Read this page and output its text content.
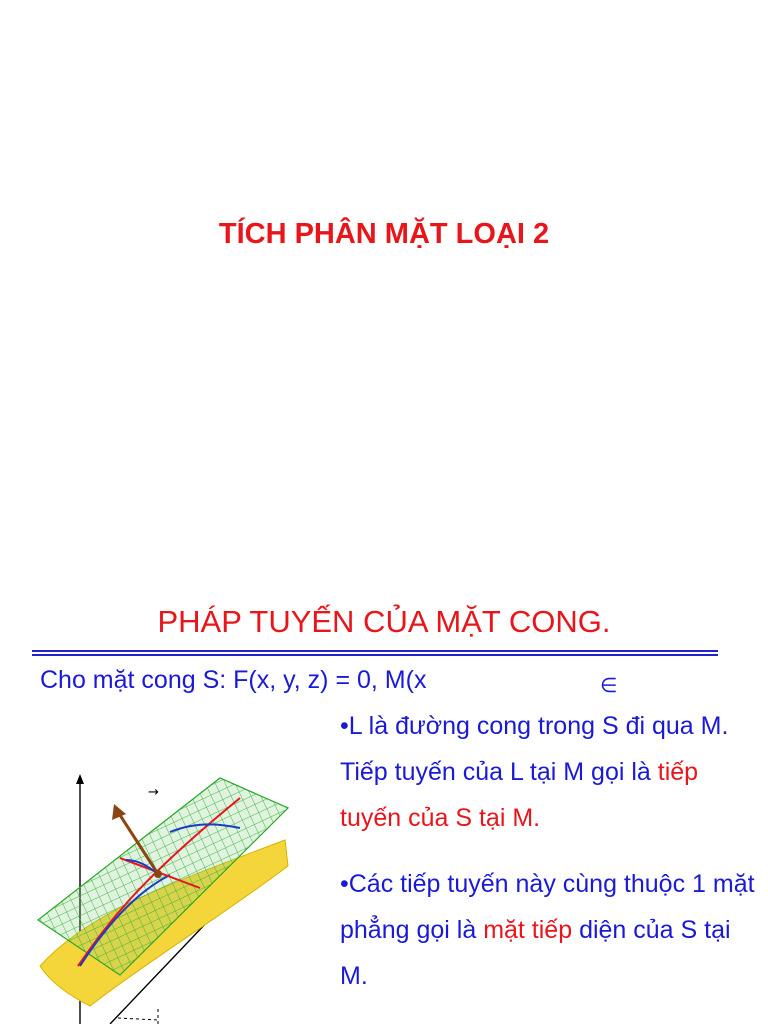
TÍCH PHÂN MẶT LOẠI 2
PHÁP TUYẾN CỦA MẶT CONG.
Cho mặt cong S: F(x, y, z) = 0, M(x	∈
•L là đường cong trong S đi qua M. Tiếp tuyến của L tại M gọi là tiếp tuyến của S tại M.
•Các tiếp tuyến này cùng thuộc 1 mặt phẳng gọi là mặt tiếp diện của S tại M.
→
